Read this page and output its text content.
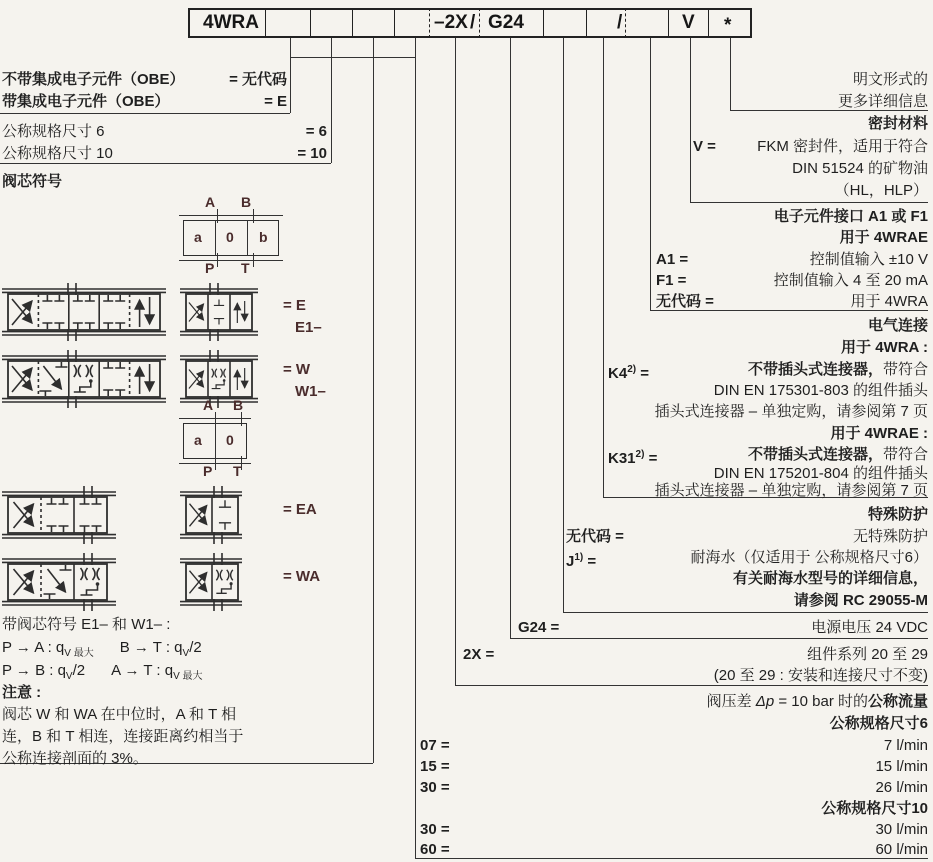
4WRA	–2X / G24	/	V *
不带集成电子元件（OBE）	= 无代码
带集成电子元件（OBE）	= E
公称规格尺寸 6	= 6
公称规格尺寸 10	= 10
阀芯符号
A B
a 0 b
P T
= E
E1–
= W
W1–
A B
a 0
P T
= EA
= WA
带阀芯符号 E1– 和 W1– :
P → A : $q_{V 最大}$ B → T : $q_V/2$
P → B : $q_V/2$ A → T : $q_{V 最大}$
注意 :
阀芯 W 和 WA 在中位时，A 和 T 相
连，B 和 T 相连，连接距离约相当于
公称连接剖面的 3%。
明文形式的
更多详细信息
密封材料
V =	FKM 密封件，适用于符合
DIN 51524 的矿物油
（HL，HLP）
电子元件接口 A1 或 F1
用于 4WRAE
A1 =	控制值输入 ±10 V
F1 =	控制值输入 4 至 20 mA
无代码 =	用于 4WRA
电气连接
用于 4WRA :
$K4^{2)}$ =	不带插头式连接器，带符合
DIN EN 175301-803 的组件插头
插头式连接器 – 单独定购，请参阅第 7 页
用于 4WRAE :
$K31^{2)}$ =	不带插头式连接器，带符合
DIN EN 175201-804 的组件插头
插头式连接器 – 单独定购，请参阅第 7 页
特殊防护
无代码 =	无特殊防护
$J^{1)}$ =	耐海水（仅适用于 公称规格尺寸6）
有关耐海水型号的详细信息，
请参阅 RC 29055-M
G24 =	电源电压 24 VDC
2X =	组件系列 20 至 29
(20 至 29 : 安装和连接尺寸不变)
阀压差 Δp = 10 bar 时的公称流量
公称规格尺寸6
07 =	7 l/min
15 =	15 l/min
30 =	26 l/min
公称规格尺寸10
30 =	30 l/min
60 =	60 l/min
